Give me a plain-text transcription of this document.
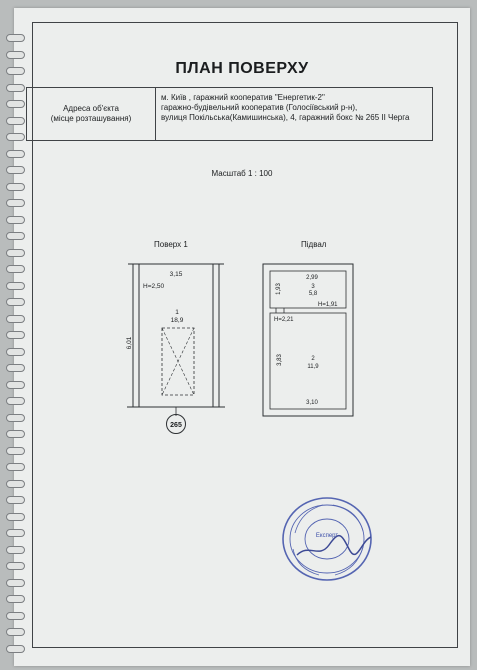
ПЛАН ПОВЕРХУ
Адреса об'єкта
(місце розташування)
м. Київ , гаражний кооператив "Енергетик-2"
гаражно-будівельний кооператив (Голосіївський р-н),
вулиця Покільська(Камишинська), 4, гаражний бокс № 265 II Черга
Масштаб 1 : 100
Поверх 1	Підвал
3,15
H=2,50
6,01
1
18,9
265
2,99
1,93	3
5,8
H=1,91
H=2,21
3,83	2
11,9
3,10
Експерт
